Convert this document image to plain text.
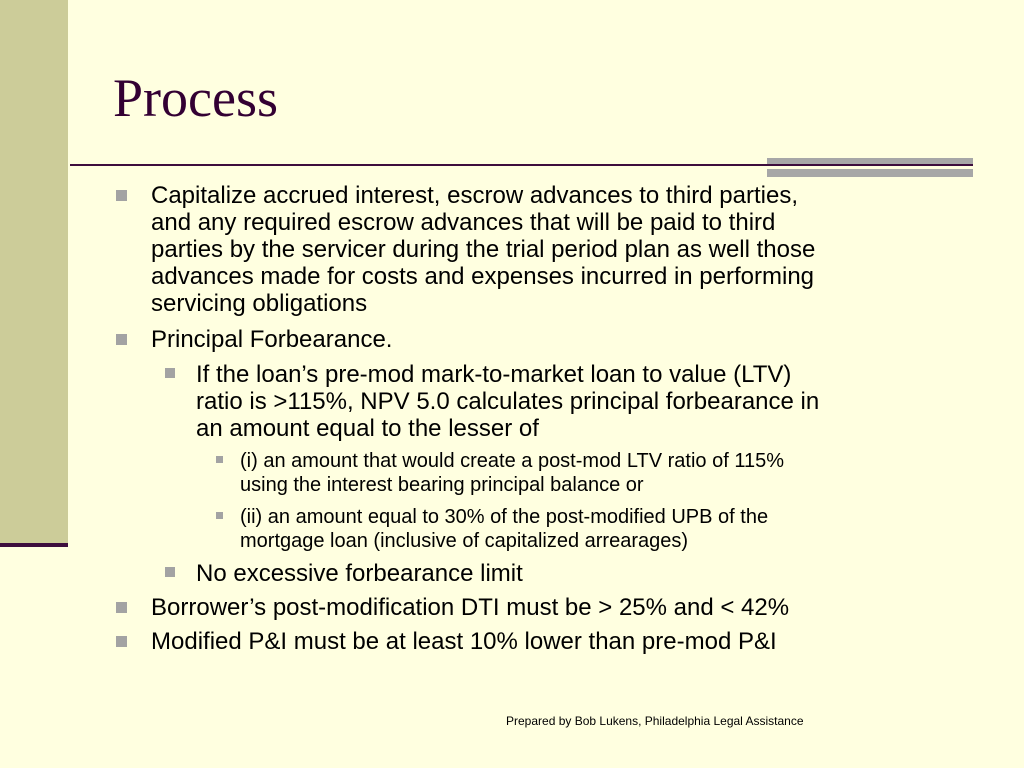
Process
Capitalize accrued interest, escrow advances to third parties,
and any required escrow advances that will be paid to third
parties by the servicer during the trial period plan as well those
advances made for costs and expenses incurred in performing
servicing obligations
Principal Forbearance.
If the loan’s pre-mod mark-to-market loan to value (LTV)
ratio is >115%, NPV 5.0 calculates principal forbearance in
an amount equal to the lesser of
(i) an amount that would create a post-mod LTV ratio of 115%
using the interest bearing principal balance or
(ii) an amount equal to 30% of the post-modified UPB of the
mortgage loan (inclusive of capitalized arrearages)
No excessive forbearance limit
Borrower’s post-modification DTI must be > 25% and < 42%
Modified P&I must be at least 10% lower than pre-mod P&I
Prepared by Bob Lukens, Philadelphia Legal Assistance
